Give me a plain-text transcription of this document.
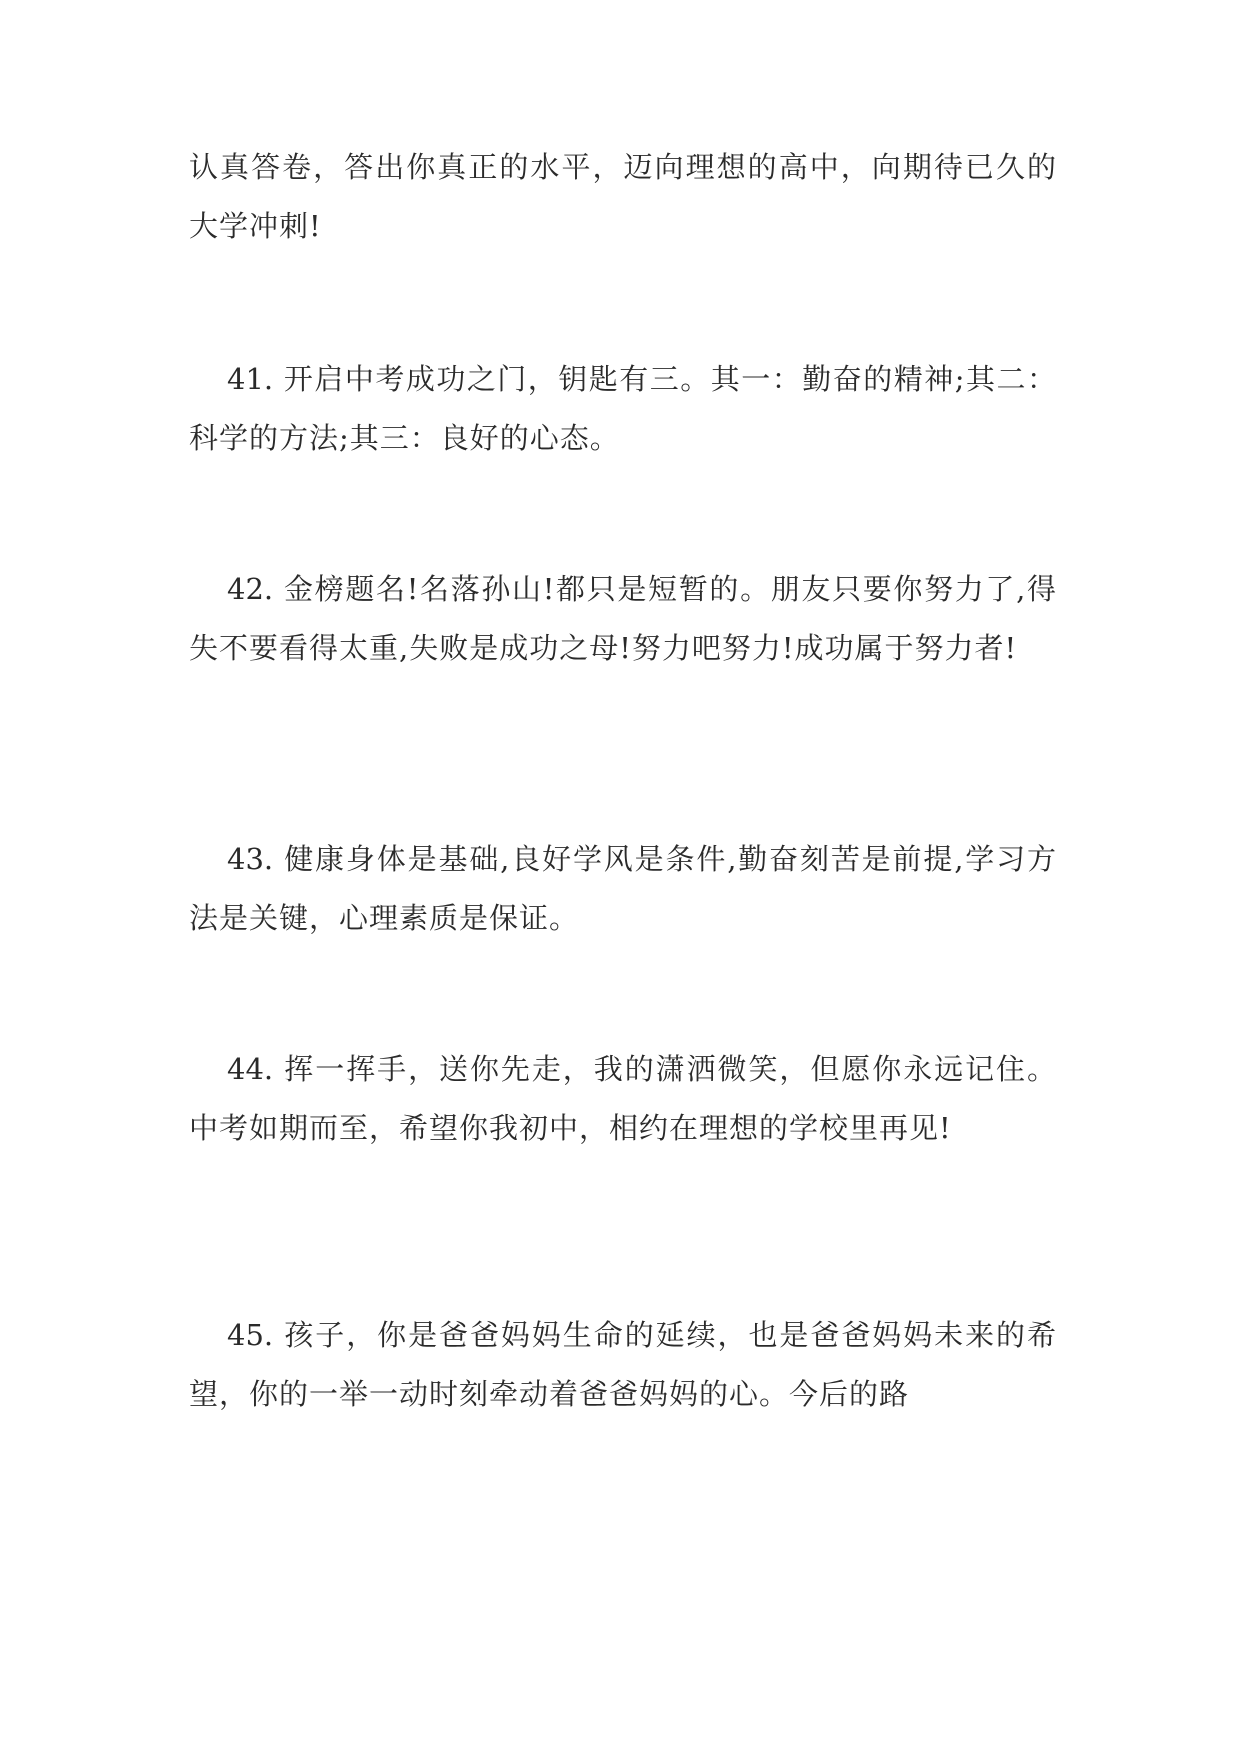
认真答卷，答出你真正的水平，迈向理想的高中，向期待已久的大学冲刺!

41. 开启中考成功之门，钥匙有三。其一：勤奋的精神;其二：科学的方法;其三：良好的心态。

42. 金榜题名!名落孙山!都只是短暂的。朋友只要你努力了,得失不要看得太重,失败是成功之母!努力吧努力!成功属于努力者!

43. 健康身体是基础,良好学风是条件,勤奋刻苦是前提,学习方法是关键，心理素质是保证。

44. 挥一挥手，送你先走，我的潇洒微笑，但愿你永远记住。中考如期而至，希望你我初中，相约在理想的学校里再见!

45. 孩子，你是爸爸妈妈生命的延续，也是爸爸妈妈未来的希望，你的一举一动时刻牵动着爸爸妈妈的心。今后的路
